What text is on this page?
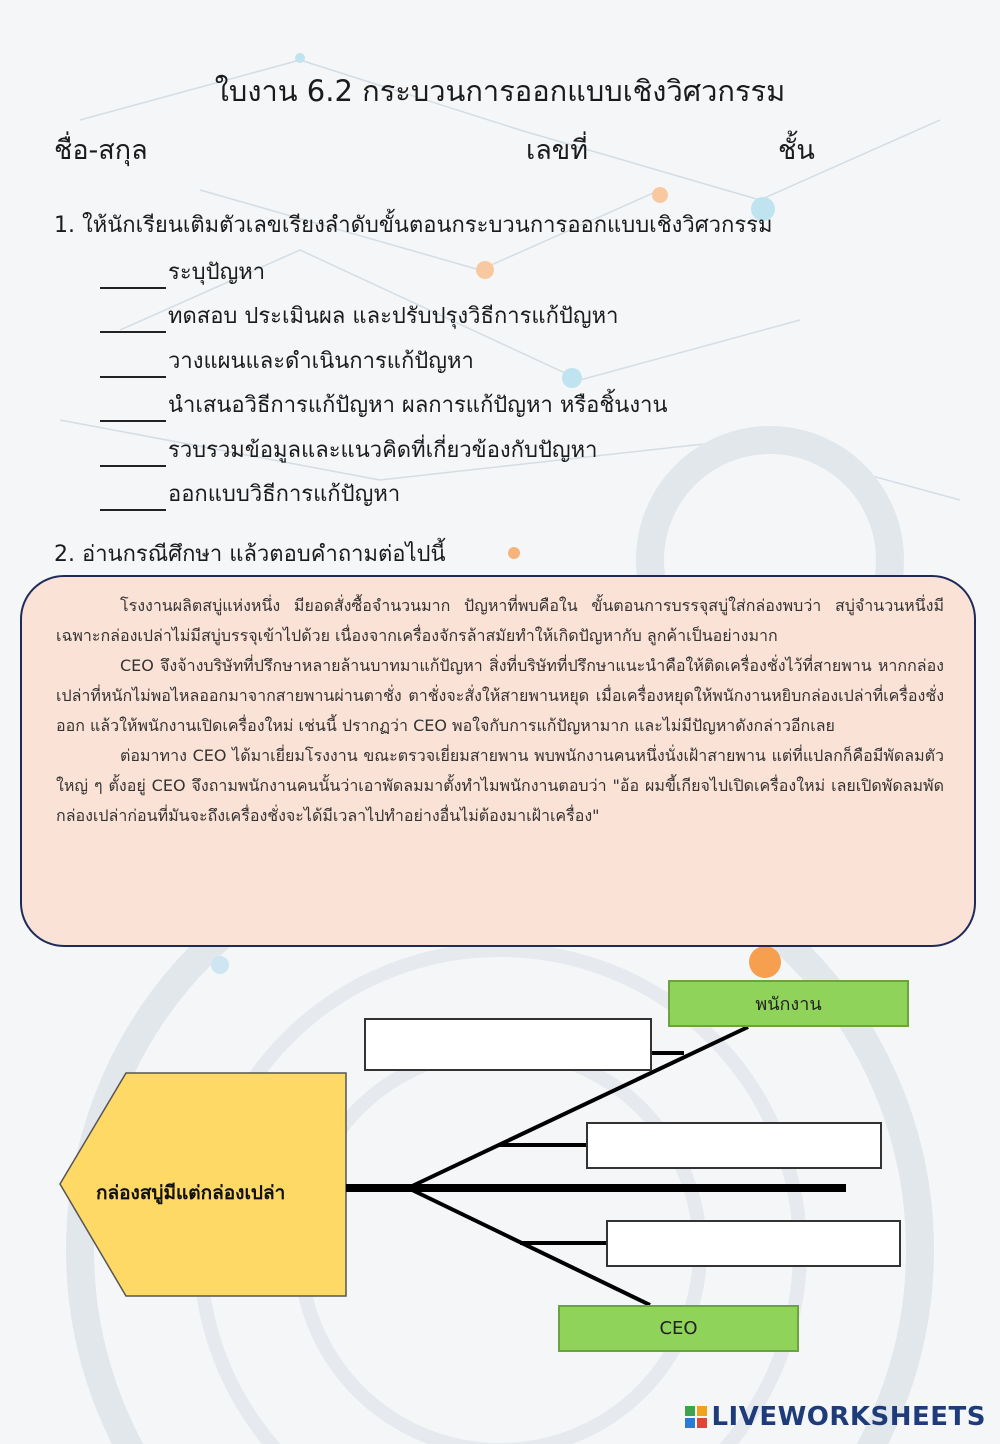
ใบงาน 6.2 กระบวนการออกแบบเชิงวิศวกรรม
ชื่อ-สกุล	เลขที่	ชั้น
1. ให้นักเรียนเติมตัวเลขเรียงลำดับขั้นตอนกระบวนการออกแบบเชิงวิศวกรรม
ระบุปัญหา
ทดสอบ ประเมินผล และปรับปรุงวิธีการแก้ปัญหา
วางแผนและดำเนินการแก้ปัญหา
นำเสนอวิธีการแก้ปัญหา ผลการแก้ปัญหา หรือชิ้นงาน
รวบรวมข้อมูลและแนวคิดที่เกี่ยวข้องกับปัญหา
ออกแบบวิธีการแก้ปัญหา
2. อ่านกรณีศึกษา แล้วตอบคำถามต่อไปนี้

โรงงานผลิตสบู่แห่งหนึ่ง มียอดสั่งซื้อจำนวนมาก ปัญหาที่พบคือใน ขั้นตอนการบรรจุสบู่ใส่กล่องพบว่า สบู่จำนวนหนึ่งมีเฉพาะกล่องเปล่าไม่มีสบู่บรรจุเข้าไปด้วย เนื่องจากเครื่องจักรล้าสมัยทำให้เกิดปัญหากับ ลูกค้าเป็นอย่างมาก

CEO จึงจ้างบริษัทที่ปรึกษาหลายล้านบาทมาแก้ปัญหา สิ่งที่บริษัทที่ปรึกษาแนะนำคือให้ติดเครื่องชั่งไว้ที่สายพาน หากกล่องเปล่าที่หนักไม่พอไหลออกมาจากสายพานผ่านตาชั่ง ตาชั่งจะสั่งให้สายพานหยุด เมื่อเครื่องหยุดให้พนักงานหยิบกล่องเปล่าที่เครื่องชั่งออก แล้วให้พนักงานเปิดเครื่องใหม่ เช่นนี้ ปรากฏว่า CEO พอใจกับการแก้ปัญหามาก และไม่มีปัญหาดังกล่าวอีกเลย

ต่อมาทาง CEO ได้มาเยี่ยมโรงงาน ขณะตรวจเยี่ยมสายพาน พบพนักงานคนหนึ่งนั่งเฝ้าสายพาน แต่ที่แปลกก็คือมีพัดลมตัวใหญ่ ๆ ตั้งอยู่ CEO จึงถามพนักงานคนนั้นว่าเอาพัดลมมาตั้งทำไมพนักงานตอบว่า "อ้อ ผมขี้เกียจไปเปิดเครื่องใหม่ เลยเปิดพัดลมพัดกล่องเปล่าก่อนที่มันจะถึงเครื่องชั่งจะได้มีเวลาไปทำอย่างอื่นไม่ต้องมาเฝ้าเครื่อง"

กล่องสบู่มีแต่กล่องเปล่า
พนักงาน
CEO
LIVEWORKSHEETS
